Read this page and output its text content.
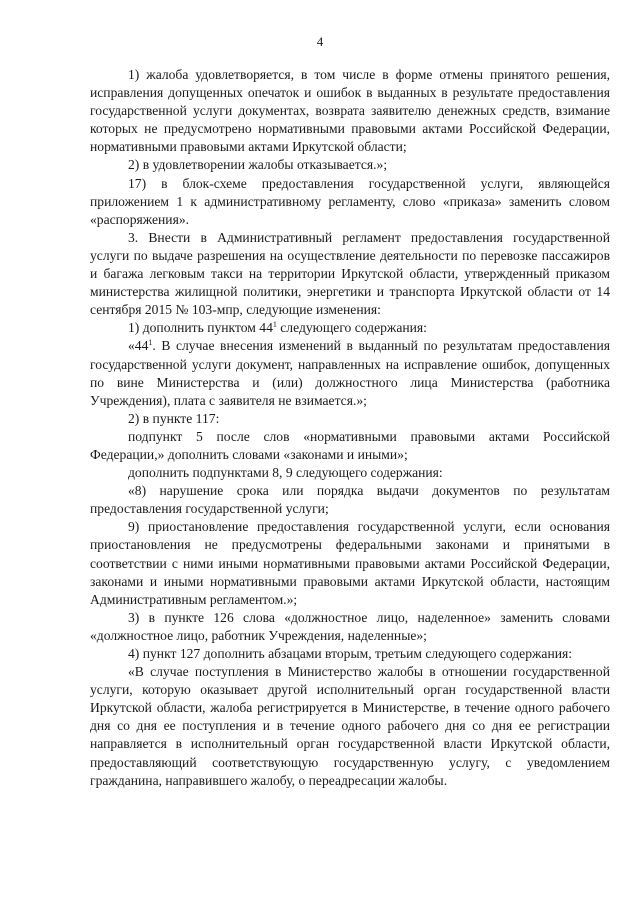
4

1) жалоба удовлетворяется, в том числе в форме отмены принятого решения, исправления допущенных опечаток и ошибок в выданных в результате предоставления государственной услуги документах, возврата заявителю денежных средств, взимание которых не предусмотрено нормативными правовыми актами Российской Федерации, нормативными правовыми актами Иркутской области;

2) в удовлетворении жалобы отказывается.»;

17) в блок-схеме предоставления государственной услуги, являющейся приложением 1 к административному регламенту, слово «приказа» заменить словом «распоряжения».

3. Внести в Административный регламент предоставления государственной услуги по выдаче разрешения на осуществление деятельности по перевозке пассажиров и багажа легковым такси на территории Иркутской области, утвержденный приказом министерства жилищной политики, энергетики и транспорта Иркутской области от 14 сентября 2015 № 103-мпр, следующие изменения:

1) дополнить пунктом $44^1$ следующего содержания:

«$44^1$. В случае внесения изменений в выданный по результатам предоставления государственной услуги документ, направленных на исправление ошибок, допущенных по вине Министерства и (или) должностного лица Министерства (работника Учреждения), плата с заявителя не взимается.»;

2) в пункте 117:

подпункт 5 после слов «нормативными правовыми актами Российской Федерации,» дополнить словами «законами и иными»;

дополнить подпунктами 8, 9 следующего содержания:

«8) нарушение срока или порядка выдачи документов по результатам предоставления государственной услуги;

9) приостановление предоставления государственной услуги, если основания приостановления не предусмотрены федеральными законами и принятыми в соответствии с ними иными нормативными правовыми актами Российской Федерации, законами и иными нормативными правовыми актами Иркутской области, настоящим Административным регламентом.»;

3) в пункте 126 слова «должностное лицо, наделенное» заменить словами «должностное лицо, работник Учреждения, наделенные»;

4) пункт 127 дополнить абзацами вторым, третьим следующего содержания:

«В случае поступления в Министерство жалобы в отношении государственной услуги, которую оказывает другой исполнительный орган государственной власти Иркутской области, жалоба регистрируется в Министерстве, в течение одного рабочего дня со дня ее поступления и в течение одного рабочего дня со дня ее регистрации направляется в исполнительный орган государственной власти Иркутской области, предоставляющий соответствующую государственную услугу, с уведомлением гражданина, направившего жалобу, о переадресации жалобы.
